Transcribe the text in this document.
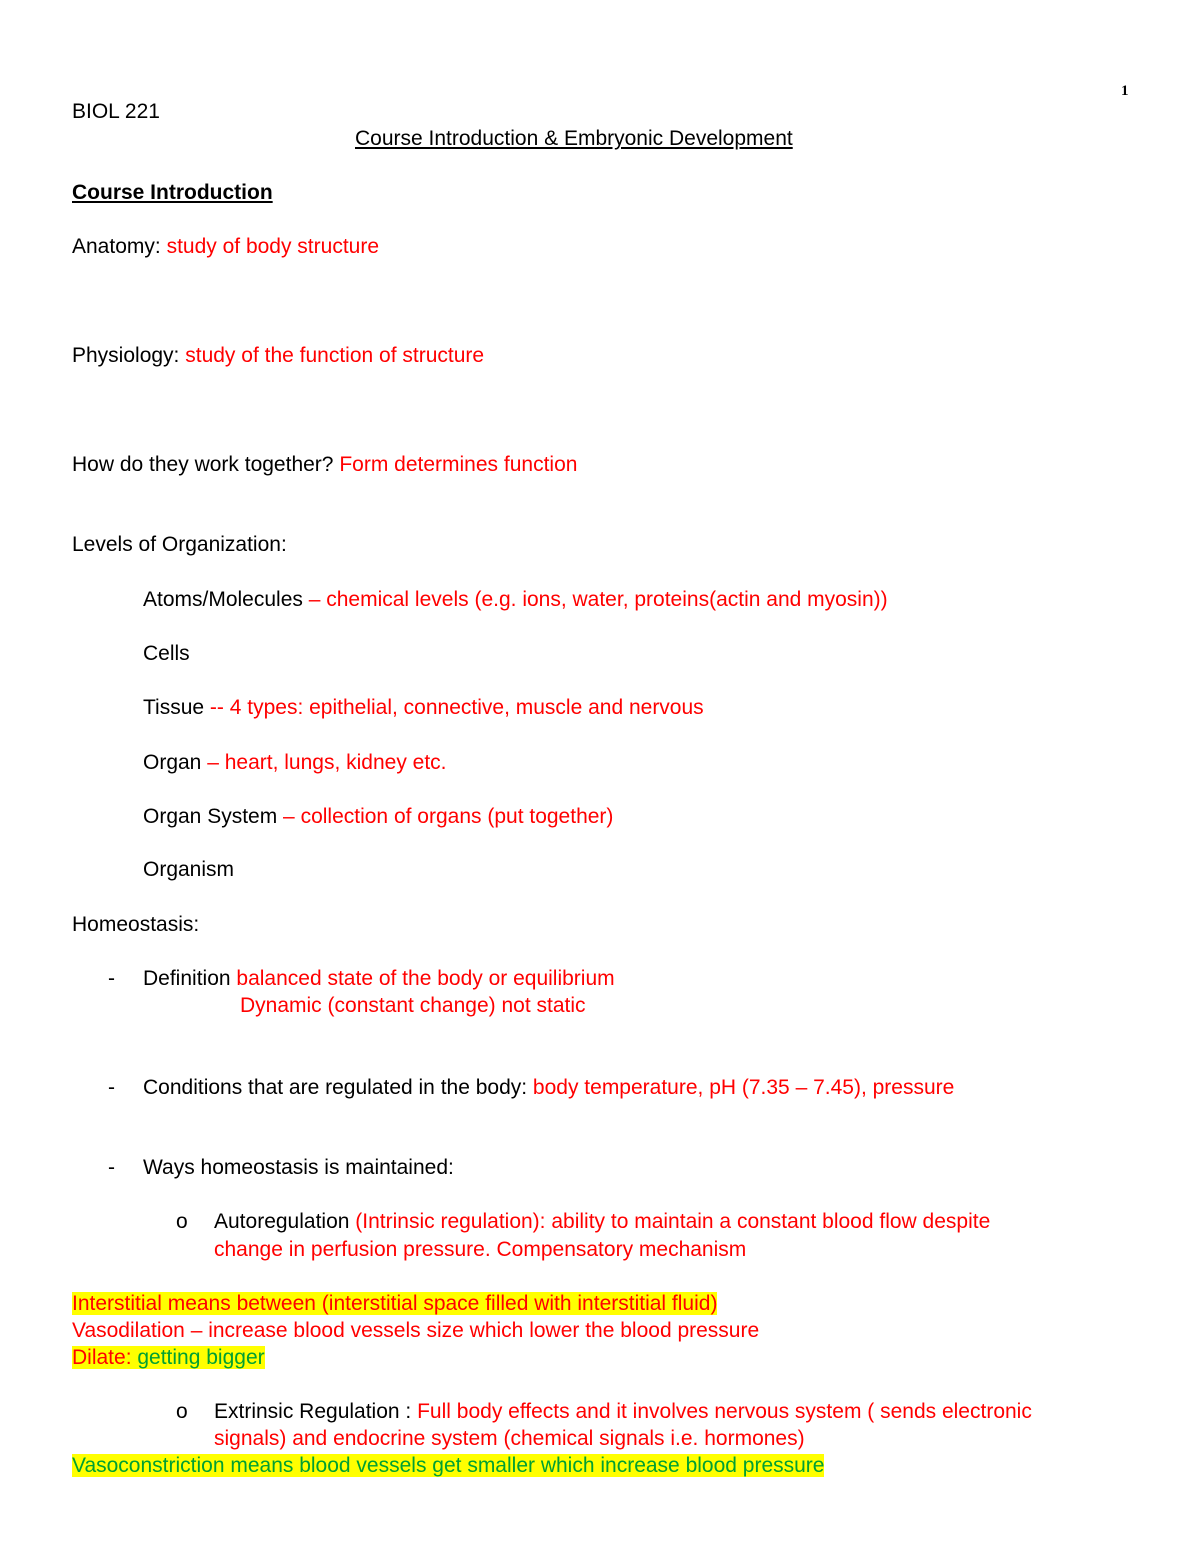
1
BIOL 221
Course Introduction & Embryonic Development
Course Introduction
Anatomy: study of body structure
Physiology: study of the function of structure
How do they work together? Form determines function
Levels of Organization:
Atoms/Molecules – chemical levels (e.g. ions, water, proteins(actin and myosin))
Cells
Tissue -- 4 types: epithelial, connective, muscle and nervous
Organ – heart, lungs, kidney etc.
Organ System – collection of organs (put together)
Organism
Homeostasis:
- Definition balanced state of the body or equilibrium
Dynamic (constant change) not static
- Conditions that are regulated in the body: body temperature, pH (7.35 – 7.45), pressure
- Ways homeostasis is maintained:
o Autoregulation (Intrinsic regulation): ability to maintain a constant blood flow despite
change in perfusion pressure. Compensatory mechanism
Interstitial means between (interstitial space filled with interstitial fluid)
Vasodilation – increase blood vessels size which lower the blood pressure
Dilate: getting bigger
o Extrinsic Regulation : Full body effects and it involves nervous system ( sends electronic
signals) and endocrine system (chemical signals i.e. hormones)
Vasoconstriction means blood vessels get smaller which increase blood pressure
